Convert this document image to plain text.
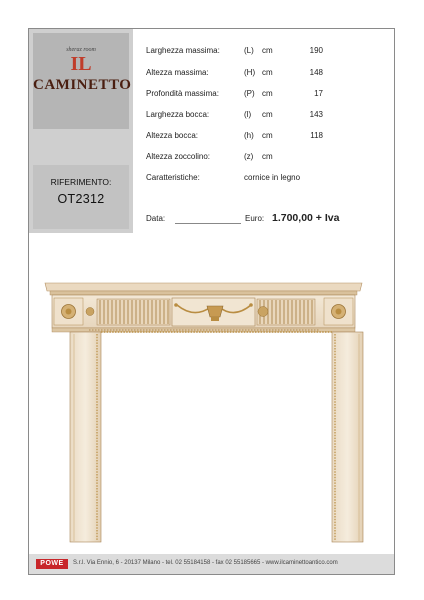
sheraz room
IL
CAMINETTO
RIFERIMENTO:
OT2312
Larghezza massima:	(L) cm	190
Altezza massima:	(H) cm	148
Profondità massima:	(P) cm	17
Larghezza bocca:	(l) cm	143
Altezza bocca:	(h) cm	118
Altezza zoccolino:	(z) cm
Caratteristiche:	cornice in legno
Data:	Euro: 1.700,00 + Iva
POWE	S.r.l. Via Ennio, 6 - 20137 Milano - tel. 02 55184158 - fax 02 55185665 - www.ilcaminettoantico.com
